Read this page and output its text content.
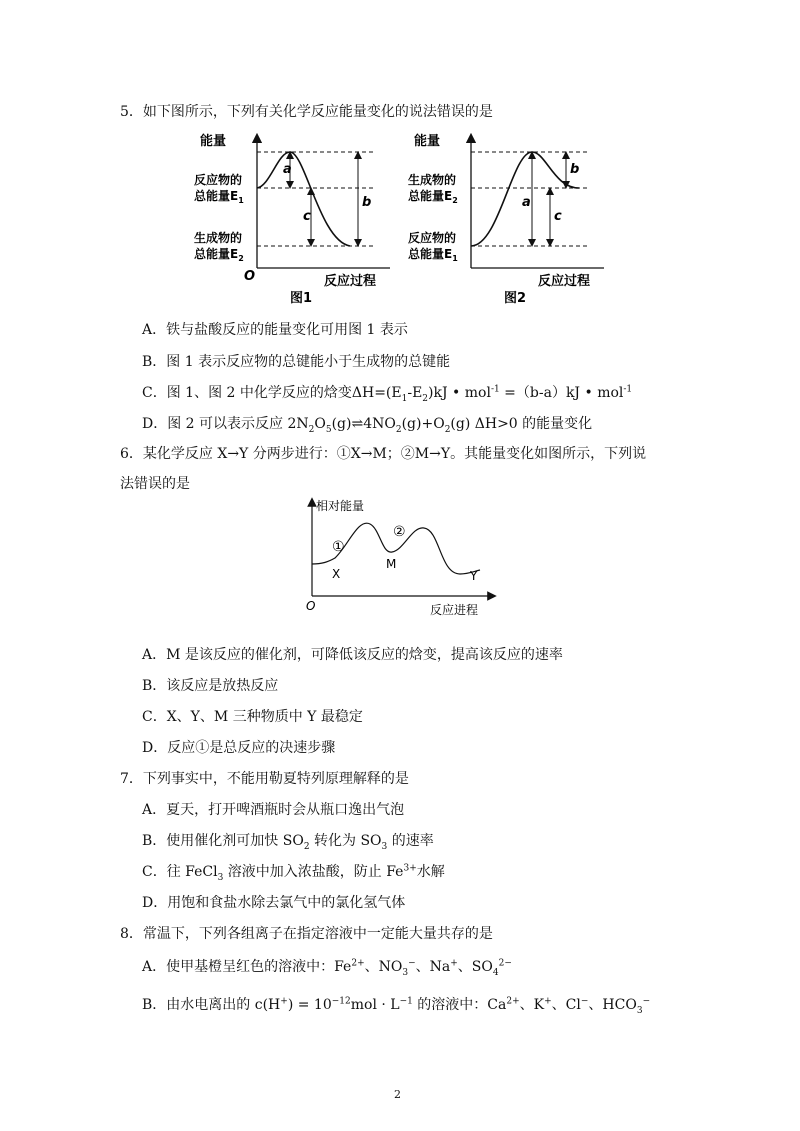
5．如下图所示，下列有关化学反应能量变化的说法错误的是
能量
反应物的
总能量$E_1$
生成物的
总能量$E_2$
a
c
b
O	反应过程
图1
能量
生成物的
总能量$E_2$
反应物的
总能量$E_1$
a
c
b
反应过程
图2
A．铁与盐酸反应的能量变化可用图 1 表示
B．图 1 表示反应物的总键能小于生成物的总键能
C．图 1、图 2 中化学反应的焓变$\Delta H=(E_1-E_2)kJ$ • mol$^{-1}$ =（b-a）kJ • mol$^{-1}$
D．图 2 可以表示反应 $2N_2O_5(g)\rightleftharpoons 4NO_2(g)+O_2(g)$ ΔH>0 的能量变化
6．某化学反应 X→Y 分两步进行：①X→M；②M→Y。其能量变化如图所示，下列说
法错误的是
相对能量
①
②
X
M
Y
O	反应进程
A．M 是该反应的催化剂，可降低该反应的焓变，提高该反应的速率
B．该反应是放热反应
C．X、Y、M 三种物质中 Y 最稳定
D．反应①是总反应的决速步骤
7．下列事实中，不能用勒夏特列原理解释的是
A．夏天，打开啤酒瓶时会从瓶口逸出气泡
B．使用催化剂可加快 $SO_2$ 转化为 $SO_3$ 的速率
C．往 FeCl$_3$ 溶液中加入浓盐酸，防止 $Fe^{3+}$水解
D．用饱和食盐水除去氯气中的氯化氢气体
8．常温下，下列各组离子在指定溶液中一定能大量共存的是
A．使甲基橙呈红色的溶液中：$Fe^{2+}$、$NO_3^-$、Na+、$SO_4^{2-}$
B．由水电离出的 $c(H^+) = 10^{-12}mol \cdot L^{-1}$ 的溶液中：$Ca^{2+}$、K+、Cl−、$HCO_3^-$
2
